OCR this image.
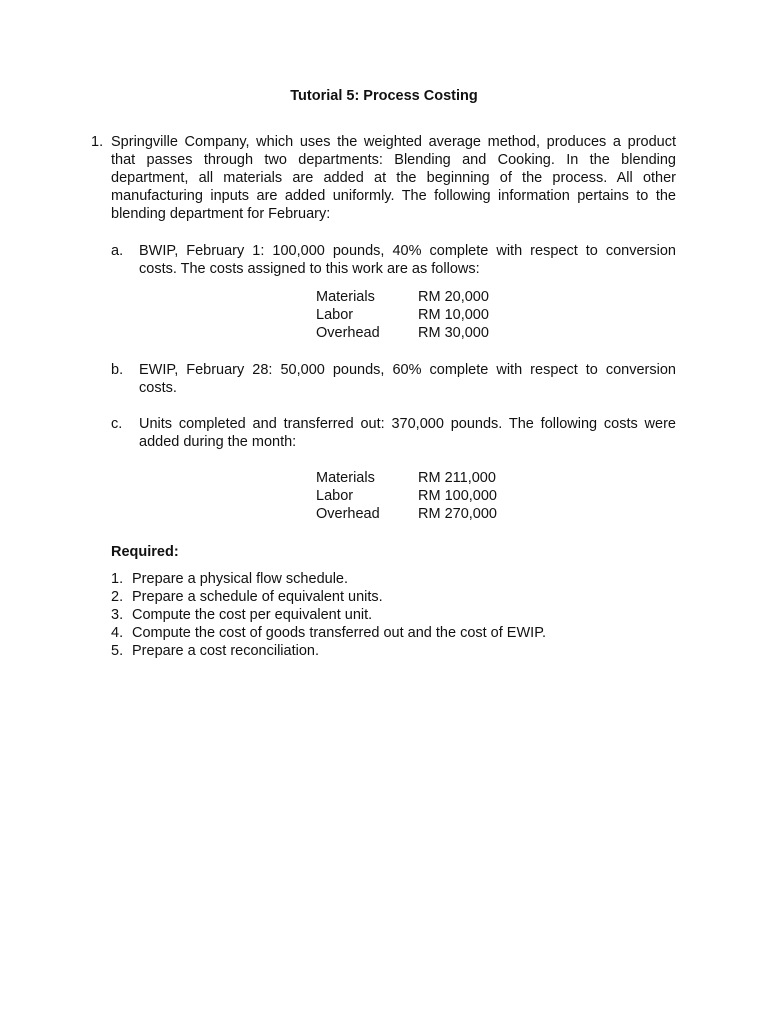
Tutorial 5: Process Costing
1. Springville Company, which uses the weighted average method, produces a product that passes through two departments: Blending and Cooking. In the blending department, all materials are added at the beginning of the process. All other manufacturing inputs are added uniformly. The following information pertains to the blending department for February:
a. BWIP, February 1: 100,000 pounds, 40% complete with respect to conversion costs. The costs assigned to this work are as follows:
Materials	RM 20,000
Labor	RM 10,000
Overhead	RM 30,000
b. EWIP, February 28: 50,000 pounds, 60% complete with respect to conversion costs.
c. Units completed and transferred out: 370,000 pounds. The following costs were added during the month:
Materials	RM 211,000
Labor	RM 100,000
Overhead	RM 270,000
Required:
1. Prepare a physical flow schedule.
2. Prepare a schedule of equivalent units.
3. Compute the cost per equivalent unit.
4. Compute the cost of goods transferred out and the cost of EWIP.
5. Prepare a cost reconciliation.
